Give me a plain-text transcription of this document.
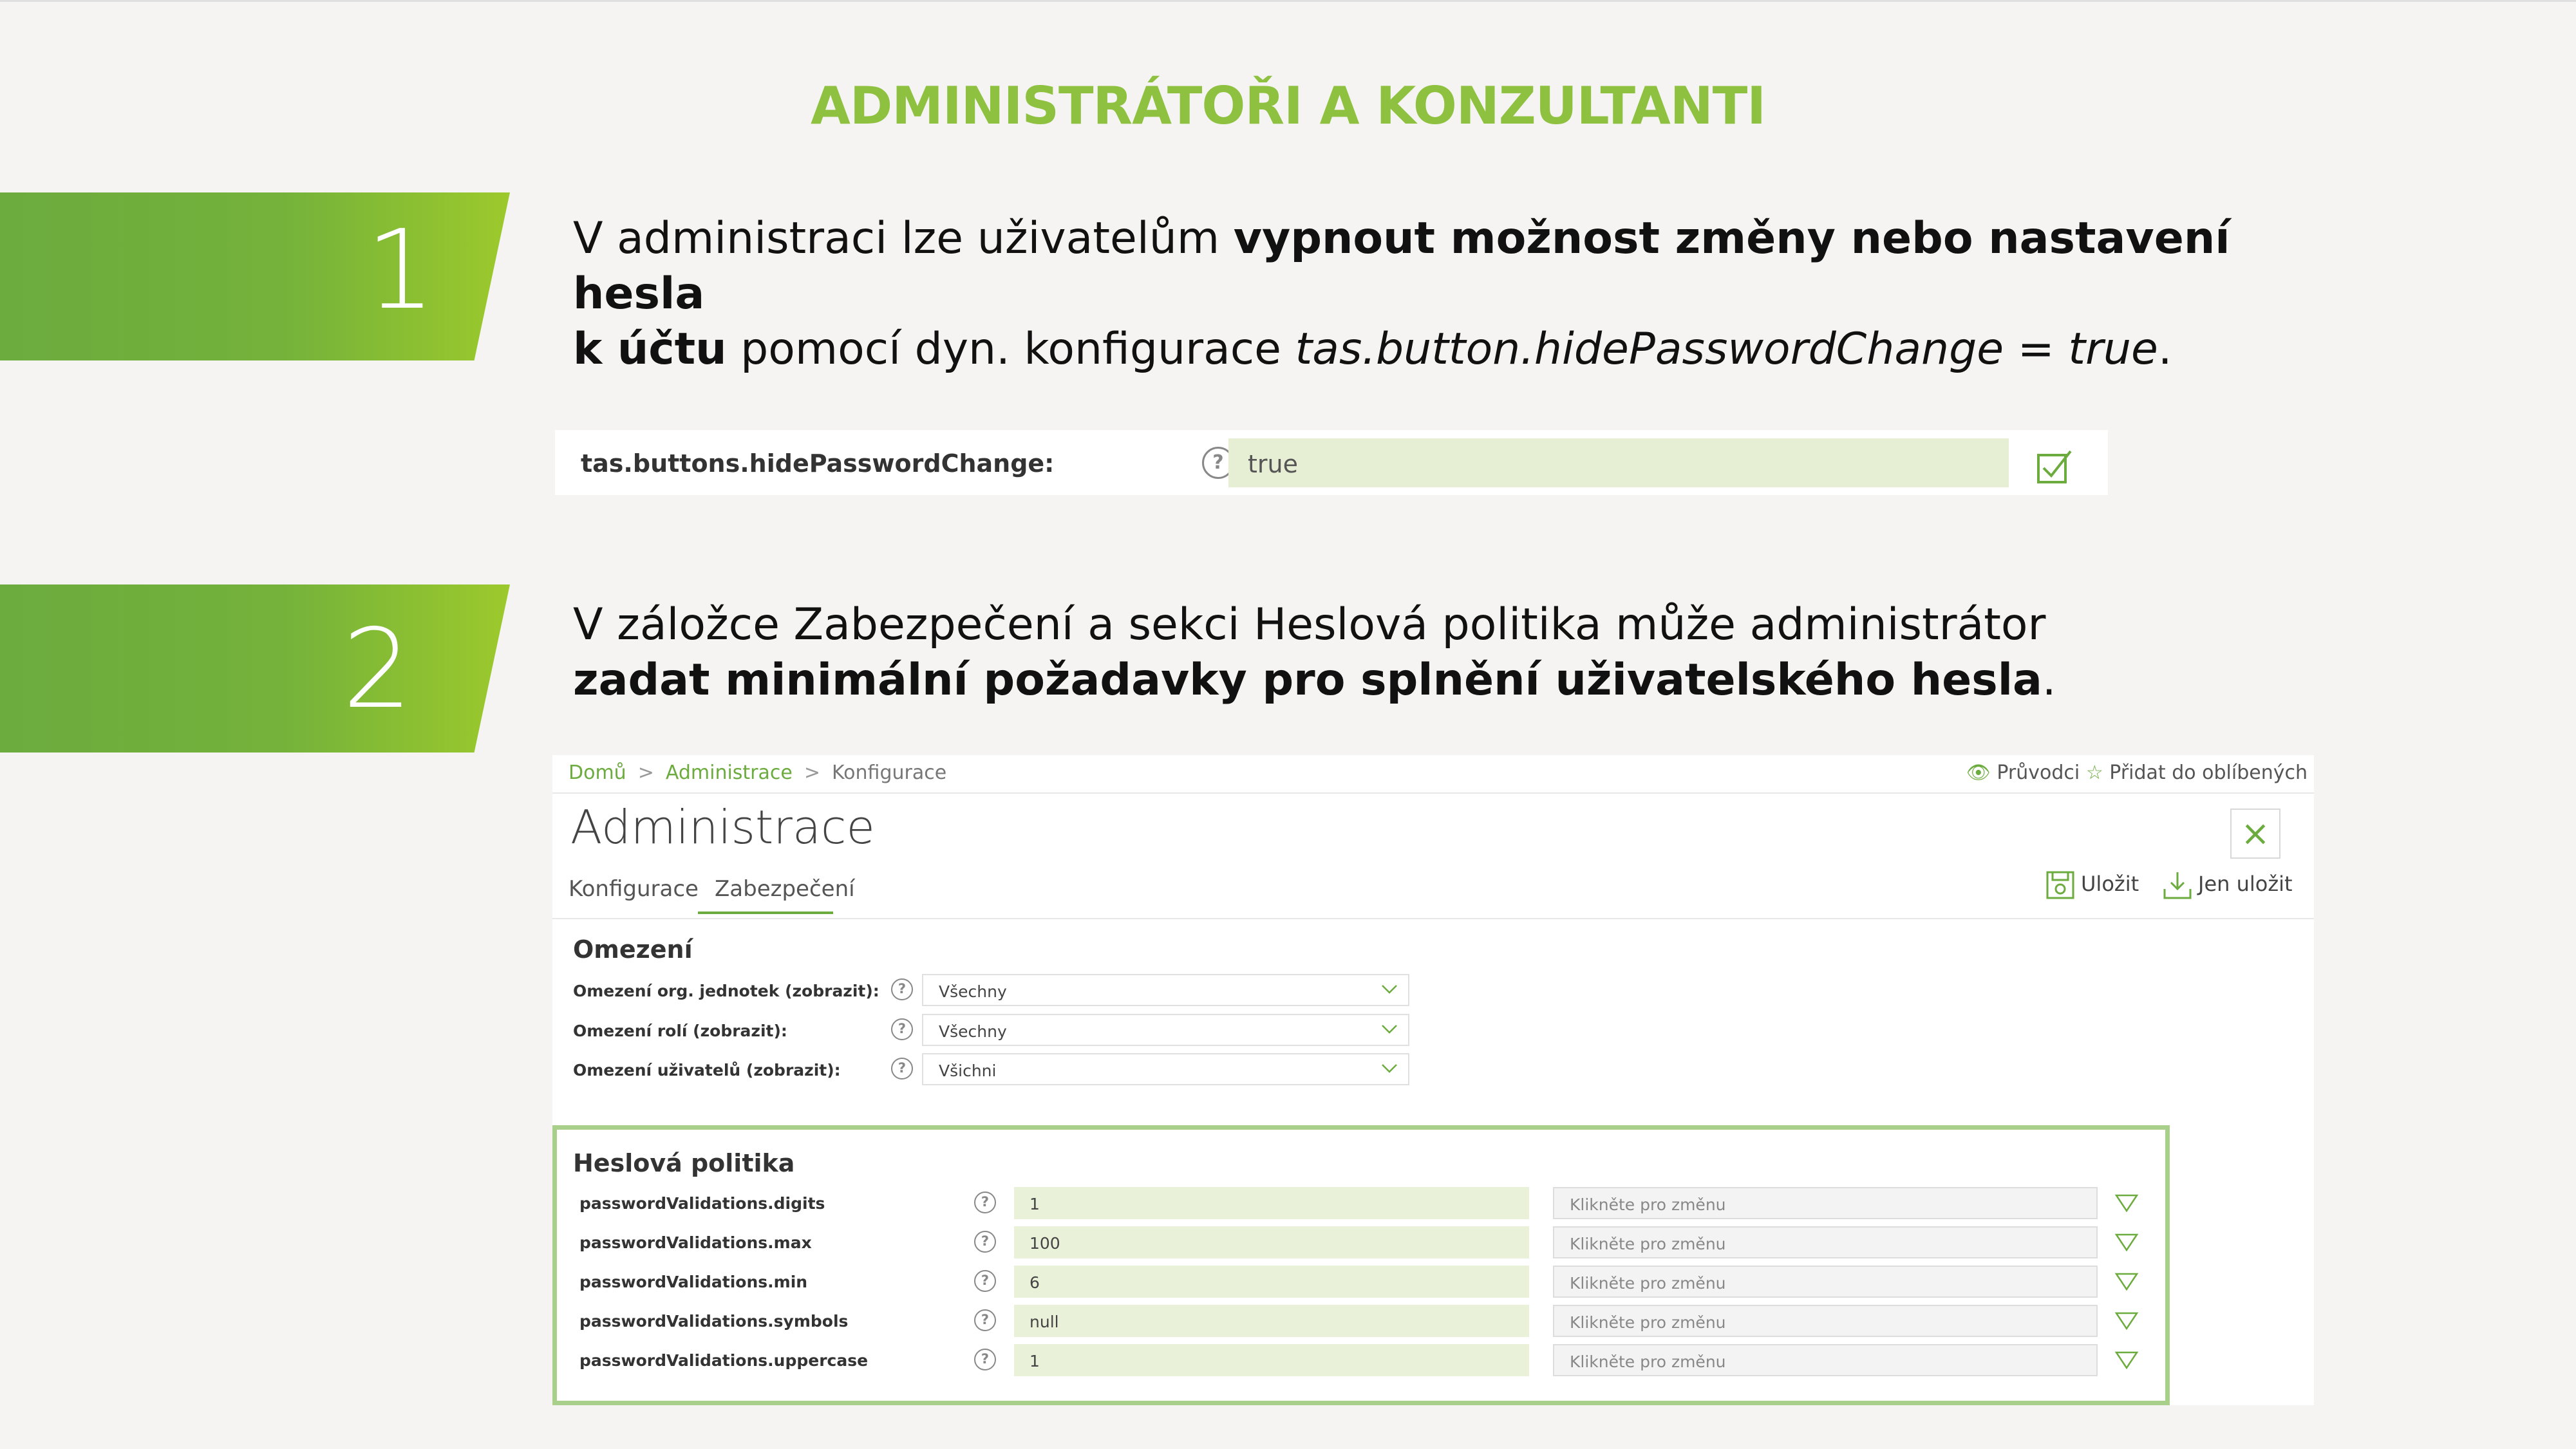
ADMINISTRÁTOŘI A KONZULTANTI
1	V administraci lze uživatelům vypnout možnost změny nebo nastavení hesla
k účtu pomocí dyn. konfigurace tas.button.hidePasswordChange = true.
tas.buttons.hidePasswordChange:	? true
2	V záložce Zabezpečení a sekci Heslová politika může administrátor
zadat minimální požadavky pro splnění uživatelského hesla.
Domů > Administrace > Konfigurace	👁 Průvodci ☆ Přidat do oblíbených
Administrace	×
Konfigurace Zabezpečení	Uložit	Jen uložit
Omezení
Omezení org. jednotek (zobrazit):	?	Všechny
Omezení rolí (zobrazit):	?	Všechny
Omezení uživatelů (zobrazit):	?	Všichni
Heslová politika
passwordValidations.digits	?	1	Klikněte pro změnu
passwordValidations.max	?	100	Klikněte pro změnu
passwordValidations.min	?	6	Klikněte pro změnu
passwordValidations.symbols	?	null	Klikněte pro změnu
passwordValidations.uppercase	?	1	Klikněte pro změnu
